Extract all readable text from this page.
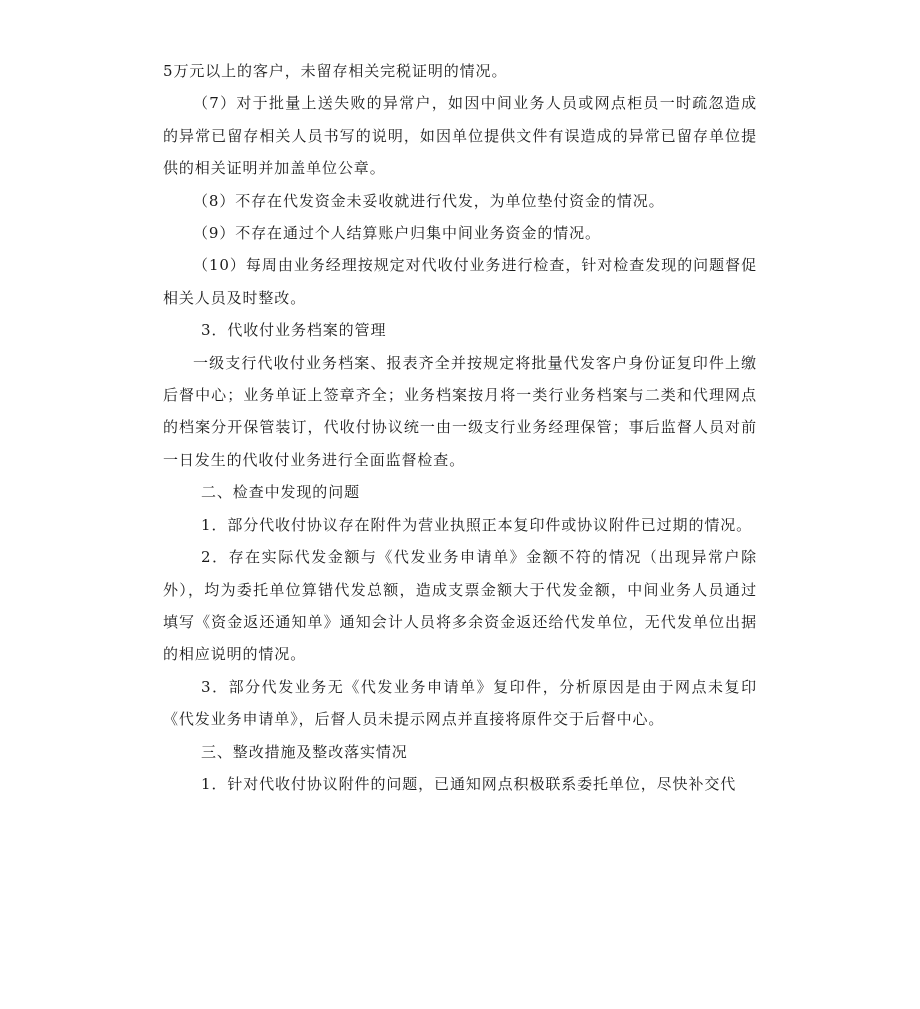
5万元以上的客户，未留存相关完税证明的情况。

（7）对于批量上送失败的异常户，如因中间业务人员或网点柜员一时疏忽造成的异常已留存相关人员书写的说明，如因单位提供文件有误造成的异常已留存单位提供的相关证明并加盖单位公章。

（8）不存在代发资金未妥收就进行代发，为单位垫付资金的情况。

（9）不存在通过个人结算账户归集中间业务资金的情况。

（10）每周由业务经理按规定对代收付业务进行检查，针对检查发现的问题督促相关人员及时整改。

3．代收付业务档案的管理

一级支行代收付业务档案、报表齐全并按规定将批量代发客户身份证复印件上缴后督中心；业务单证上签章齐全；业务档案按月将一类行业务档案与二类和代理网点的档案分开保管装订，代收付协议统一由一级支行业务经理保管；事后监督人员对前一日发生的代收付业务进行全面监督检查。

二、检查中发现的问题

1．部分代收付协议存在附件为营业执照正本复印件或协议附件已过期的情况。

2．存在实际代发金额与《代发业务申请单》金额不符的情况（出现异常户除外），均为委托单位算错代发总额，造成支票金额大于代发金额，中间业务人员通过填写《资金返还通知单》通知会计人员将多余资金返还给代发单位，无代发单位出据的相应说明的情况。

3．部分代发业务无《代发业务申请单》复印件，分析原因是由于网点未复印《代发业务申请单》，后督人员未提示网点并直接将原件交于后督中心。

三、整改措施及整改落实情况

1．针对代收付协议附件的问题，已通知网点积极联系委托单位，尽快补交代
